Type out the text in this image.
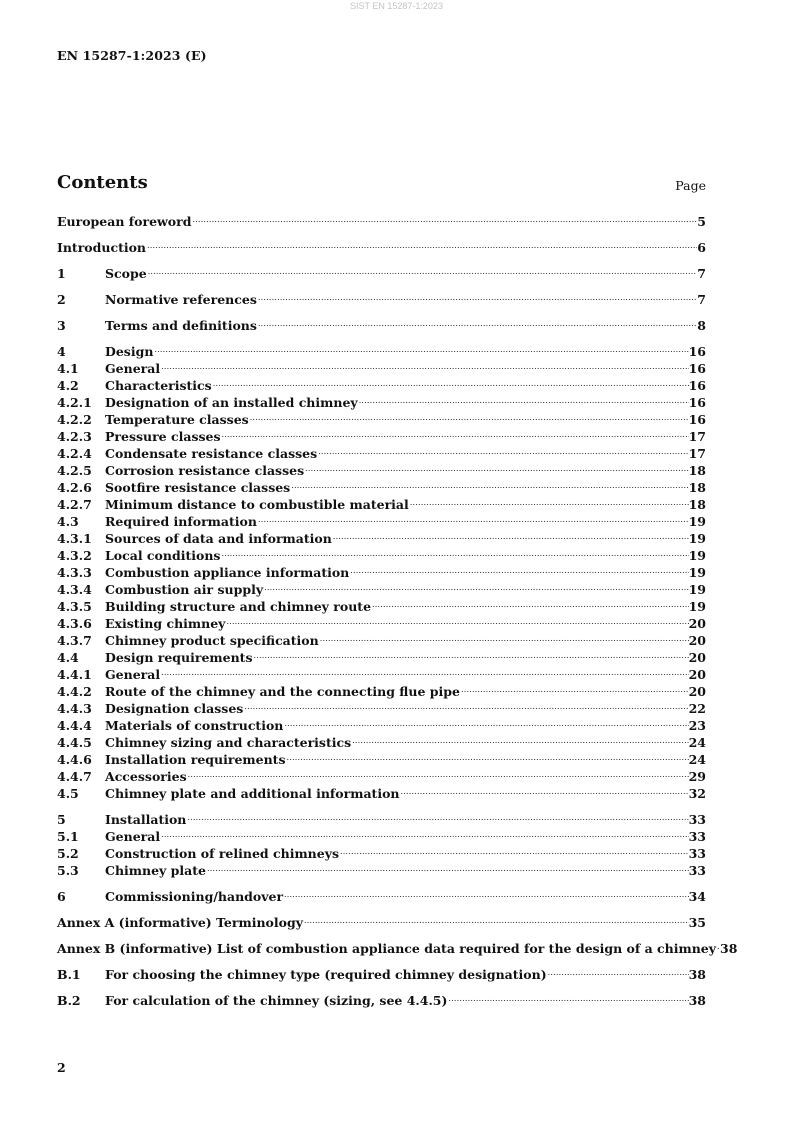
SIST EN 15287-1:2023
EN 15287-1:2023 (E)
Contents	Page
European foreword .....	5
Introduction .....	6
1	Scope .....	7
2	Normative references .....	7
3	Terms and definitions .....	8
4	Design .....	16
4.1	General .....	16
4.2	Characteristics .....	16
4.2.1	Designation of an installed chimney .....	16
4.2.2	Temperature classes .....	16
4.2.3	Pressure classes .....	17
4.2.4	Condensate resistance classes .....	17
4.2.5	Corrosion resistance classes .....	18
4.2.6	Sootfire resistance classes .....	18
4.2.7	Minimum distance to combustible material .....	18
4.3	Required information .....	19
4.3.1	Sources of data and information .....	19
4.3.2	Local conditions .....	19
4.3.3	Combustion appliance information .....	19
4.3.4	Combustion air supply .....	19
4.3.5	Building structure and chimney route .....	19
4.3.6	Existing chimney .....	20
4.3.7	Chimney product specification .....	20
4.4	Design requirements .....	20
4.4.1	General .....	20
4.4.2	Route of the chimney and the connecting flue pipe .....	20
4.4.3	Designation classes .....	22
4.4.4	Materials of construction .....	23
4.4.5	Chimney sizing and characteristics .....	24
4.4.6	Installation requirements .....	24
4.4.7	Accessories .....	29
4.5	Chimney plate and additional information .....	32
5	Installation .....	33
5.1	General .....	33
5.2	Construction of relined chimneys .....	33
5.3	Chimney plate .....	33
6	Commissioning/handover .....	34
Annex A (informative) Terminology .....	35
Annex B (informative) List of combustion appliance data required for the design of a chimney ..... 38
B.1	For choosing the chimney type (required chimney designation) .....	38
B.2	For calculation of the chimney (sizing, see 4.4.5) .....	38
2
